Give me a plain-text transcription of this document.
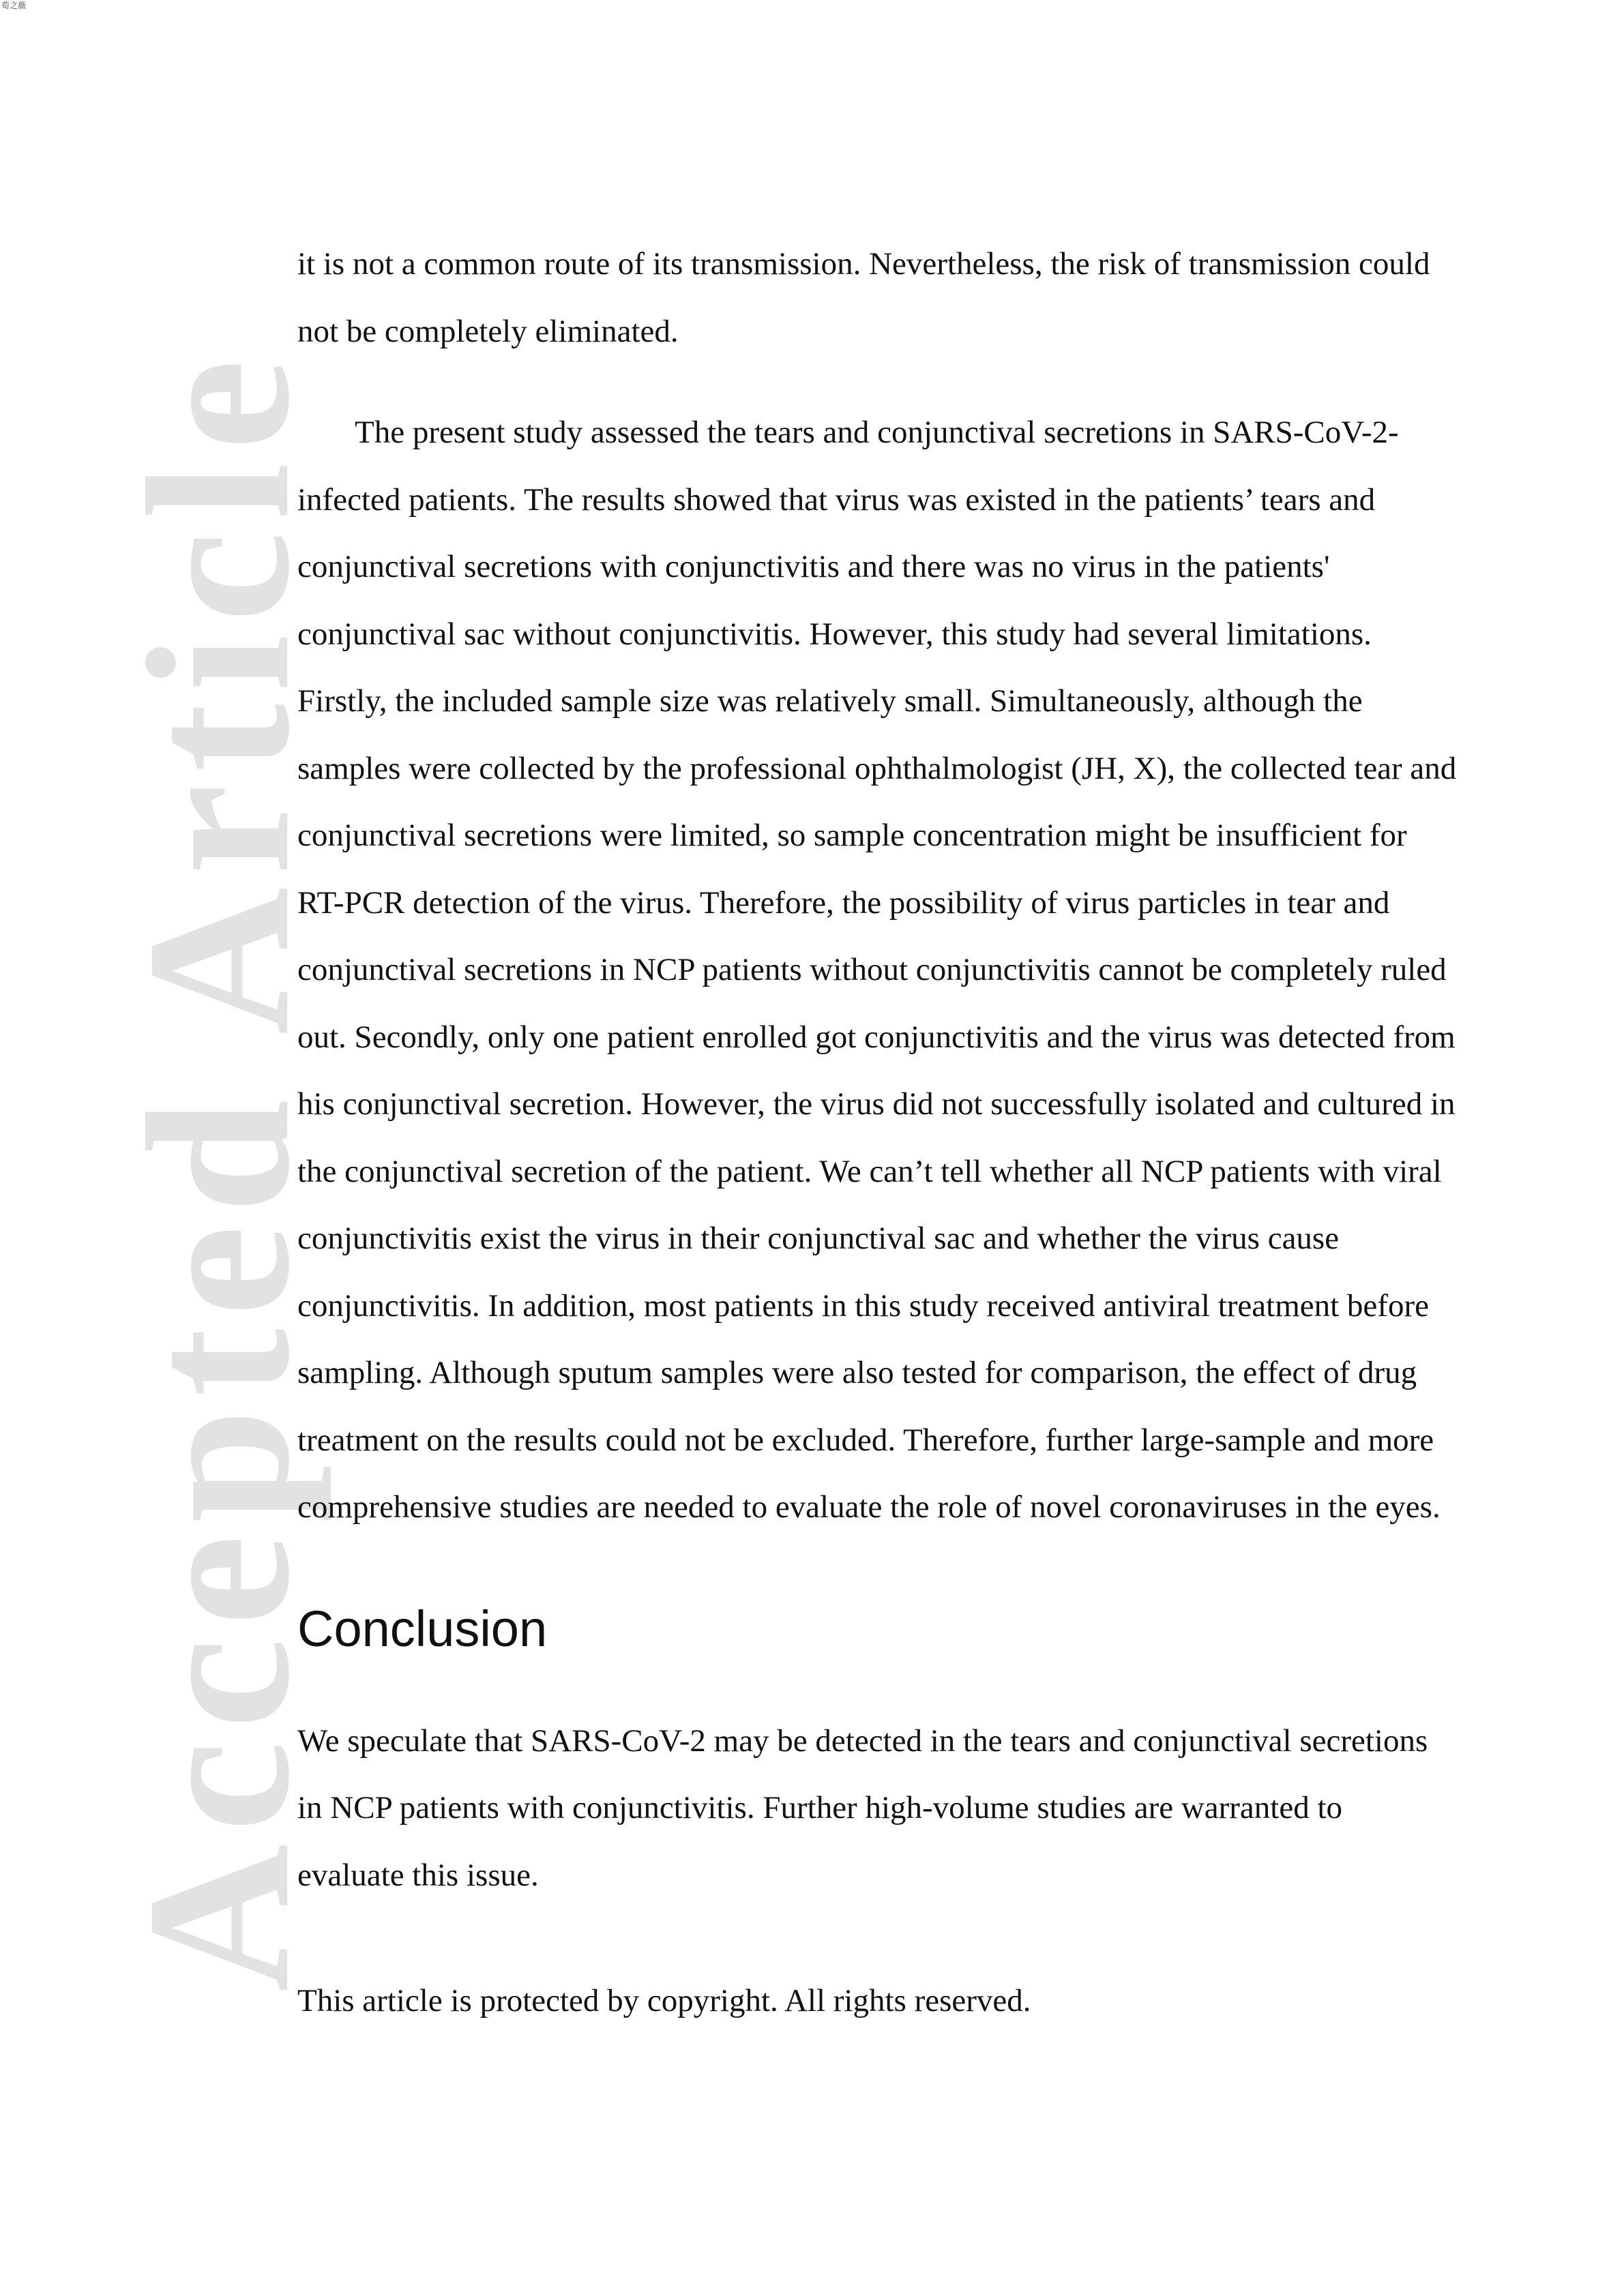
荀之薇
Accepted Article

it is not a common route of its transmission. Nevertheless, the risk of transmission could not be completely eliminated.

The present study assessed the tears and conjunctival secretions in SARS-CoV-2-infected patients. The results showed that virus was existed in the patients’ tears and conjunctival secretions with conjunctivitis and there was no virus in the patients' conjunctival sac without conjunctivitis. However, this study had several limitations. Firstly, the included sample size was relatively small. Simultaneously, although the samples were collected by the professional ophthalmologist (JH, X), the collected tear and conjunctival secretions were limited, so sample concentration might be insufficient for RT-PCR detection of the virus. Therefore, the possibility of virus particles in tear and conjunctival secretions in NCP patients without conjunctivitis cannot be completely ruled out. Secondly, only one patient enrolled got conjunctivitis and the virus was detected from his conjunctival secretion. However, the virus did not successfully isolated and cultured in the conjunctival secretion of the patient. We can’t tell whether all NCP patients with viral conjunctivitis exist the virus in their conjunctival sac and whether the virus cause conjunctivitis. In addition, most patients in this study received antiviral treatment before sampling. Although sputum samples were also tested for comparison, the effect of drug treatment on the results could not be excluded. Therefore, further large-sample and more comprehensive studies are needed to evaluate the role of novel coronaviruses in the eyes.

Conclusion

We speculate that SARS-CoV-2 may be detected in the tears and conjunctival secretions in NCP patients with conjunctivitis. Further high-volume studies are warranted to evaluate this issue.

This article is protected by copyright. All rights reserved.
